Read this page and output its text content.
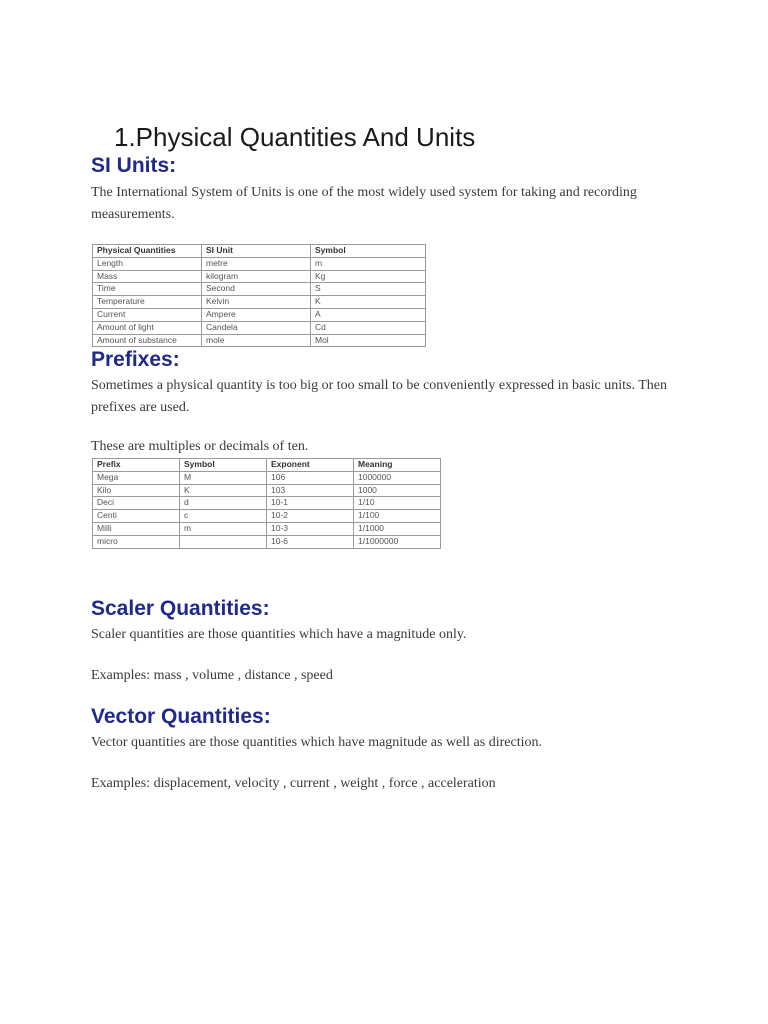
1.Physical Quantities And Units
SI Units:

The International System of Units is one of the most widely used system for taking and recording measurements.

Physical Quantities	SI Unit	Symbol
Length	metre	m
Mass	kilogram	Kg
Time	Second	S
Temperature	Kelvin	K
Current	Ampere	A
Amount of light	Candela	Cd
Amount of substance	mole	Mol
Prefixes:

Sometimes a physical quantity is too big or too small to be conveniently expressed in basic units. Then prefixes are used.

These are multiples or decimals of ten.

Prefix	Symbol	Exponent	Meaning
Mega	M	106	1000000
Kilo	K	103	1000
Deci	d	10-1	1/10
Centi	c	10-2	1/100
Milli	m	10-3	1/1000
micro		10-6	1/1000000
Scaler Quantities:

Scaler quantities are those quantities which have a magnitude only.

Examples: mass , volume , distance , speed

Vector Quantities:

Vector quantities are those quantities which have magnitude as well as direction.

Examples: displacement, velocity , current , weight , force , acceleration
